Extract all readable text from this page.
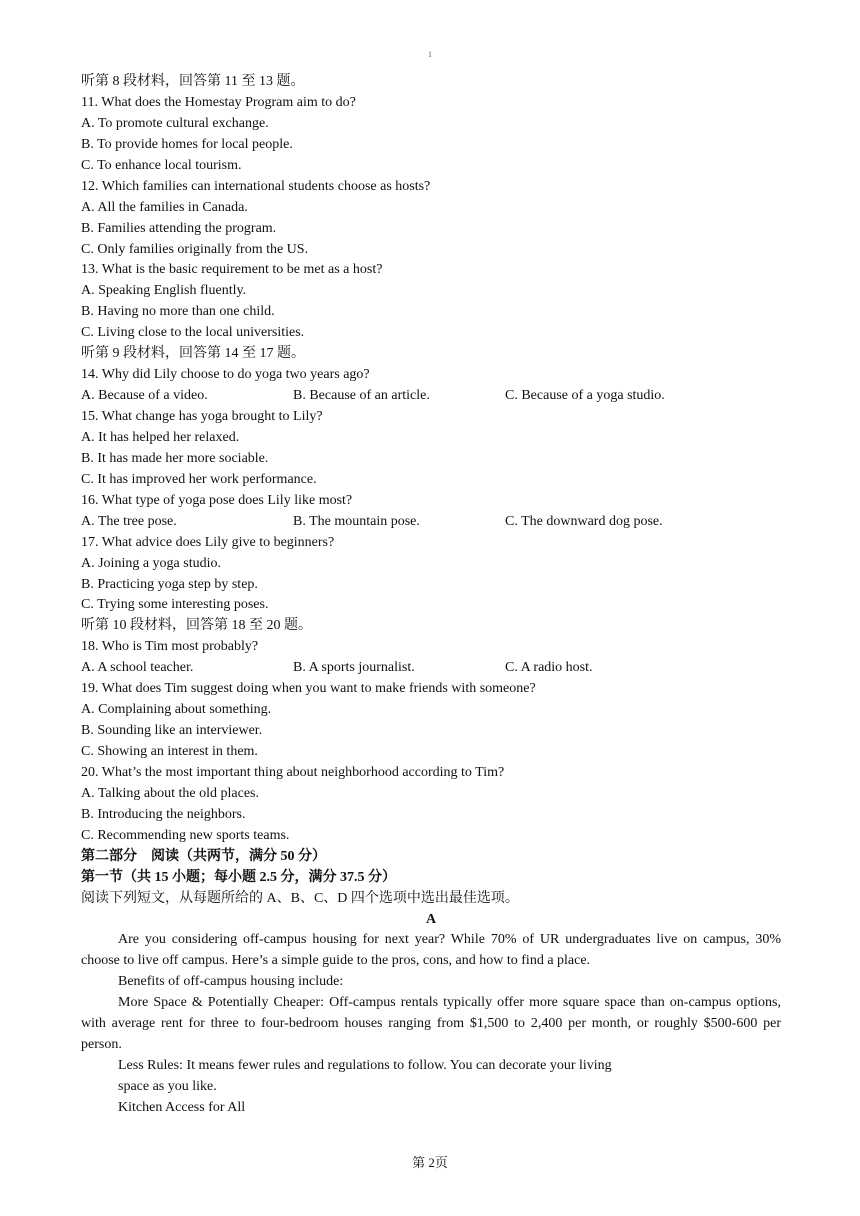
1
听第 8 段材料，回答第 11 至 13 题。
11. What does the Homestay Program aim to do?
A. To promote cultural exchange.
B. To provide homes for local people.
C. To enhance local tourism.
12. Which families can international students choose as hosts?
A. All the families in Canada.
B. Families attending the program.
C. Only families originally from the US.
13. What is the basic requirement to be met as a host?
A. Speaking English fluently.
B. Having no more than one child.
C. Living close to the local universities.
听第 9 段材料，回答第 14 至 17 题。
14. Why did Lily choose to do yoga two years ago?
A. Because of a video.	B. Because of an article.	C. Because of a yoga studio.
15. What change has yoga brought to Lily?
A. It has helped her relaxed.
B. It has made her more sociable.
C. It has improved her work performance.
16. What type of yoga pose does Lily like most?
A. The tree pose.	B. The mountain pose.	C. The downward dog pose.
17. What advice does Lily give to beginners?
A. Joining a yoga studio.
B. Practicing yoga step by step.
C. Trying some interesting poses.
听第 10 段材料，回答第 18 至 20 题。
18. Who is Tim most probably?
A. A school teacher.	B. A sports journalist.	C. A radio host.
19. What does Tim suggest doing when you want to make friends with someone?
A. Complaining about something.
B. Sounding like an interviewer.
C. Showing an interest in them.
20. What’s the most important thing about neighborhood according to Tim?
A. Talking about the old places.
B. Introducing the neighbors.
C. Recommending new sports teams.
第二部分　阅读（共两节，满分 50 分）
第一节（共 15 小题；每小题 2.5 分，满分 37.5 分）
阅读下列短文，从每题所给的 A、B、C、D 四个选项中选出最佳选项。
A
Are you considering off-campus housing for next year? While 70% of UR undergraduates live on campus, 30% choose to live off campus. Here’s a simple guide to the pros, cons, and how to find a place.
Benefits of off-campus housing include:
More Space & Potentially Cheaper: Off-campus rentals typically offer more square space than on-campus options, with average rent for three to four-bedroom houses ranging from $1,500 to 2,400 per month, or roughly $500-600 per person.
Less Rules: It means fewer rules and regulations to follow. You can decorate your living
space as you like.
Kitchen Access for All
第 2页
